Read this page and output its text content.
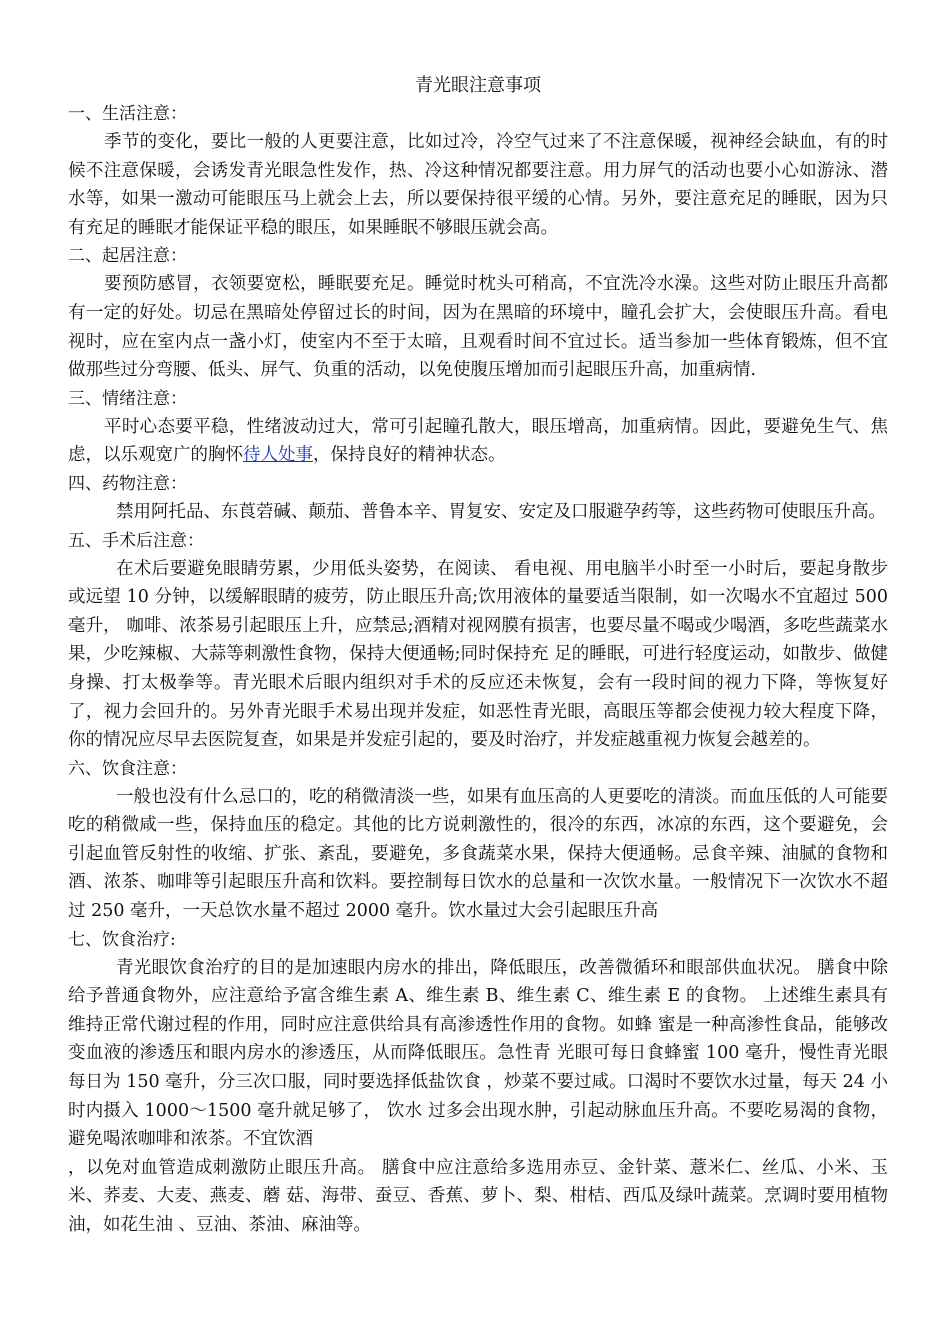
青光眼注意事项

一、生活注意：

季节的变化，要比一般的人更要注意，比如过冷，冷空气过来了不注意保暖，视神经会缺血，有的时候不注意保暖，会诱发青光眼急性发作，热、冷这种情况都要注意。用力屏气的活动也要小心如游泳、潜水等，如果一激动可能眼压马上就会上去，所以要保持很平缓的心情。另外，要注意充足的睡眠，因为只有充足的睡眠才能保证平稳的眼压，如果睡眠不够眼压就会高。

二、起居注意：

要预防感冒，衣领要宽松，睡眠要充足。睡觉时枕头可稍高，不宜洗冷水澡。这些对防止眼压升高都有一定的好处。切忌在黑暗处停留过长的时间，因为在黑暗的环境中，瞳孔会扩大，会使眼压升高。看电视时，应在室内点一盏小灯，使室内不至于太暗，且观看时间不宜过长。适当参加一些体育锻炼，但不宜做那些过分弯腰、低头、屏气、负重的活动，以免使腹压增加而引起眼压升高，加重病情.

三、情绪注意：

平时心态要平稳，性绪波动过大，常可引起瞳孔散大，眼压增高，加重病情。因此，要避免生气、焦虑，以乐观宽广的胸怀待人处事，保持良好的精神状态。

四、药物注意：

禁用阿托品、东莨菪碱、颠茄、普鲁本辛、胃复安、安定及口服避孕药等，这些药物可使眼压升高。

五、手术后注意：

在术后要避免眼睛劳累，少用低头姿势，在阅读、 看电视、用电脑半小时至一小时后，要起身散步或远望 10 分钟，以缓解眼睛的疲劳，防止眼压升高;饮用液体的量要适当限制，如一次喝水不宜超过 500 毫升， 咖啡、浓茶易引起眼压上升，应禁忌;酒精对视网膜有损害，也要尽量不喝或少喝酒，多吃些蔬菜水果，少吃辣椒、大蒜等刺激性食物，保持大便通畅;同时保持充 足的睡眠，可进行轻度运动，如散步、做健身操、打太极拳等。青光眼术后眼内组织对手术的反应还未恢复，会有一段时间的视力下降，等恢复好了，视力会回升的。另外青光眼手术易出现并发症，如恶性青光眼，高眼压等都会使视力较大程度下降，你的情况应尽早去医院复查，如果是并发症引起的，要及时治疗，并发症越重视力恢复会越差的。

六、饮食注意：

一般也没有什么忌口的，吃的稍微清淡一些，如果有血压高的人更要吃的清淡。而血压低的人可能要吃的稍微咸一些，保持血压的稳定。其他的比方说刺激性的，很冷的东西，冰凉的东西，这个要避免，会引起血管反射性的收缩、扩张、紊乱，要避免，多食蔬菜水果，保持大便通畅。忌食辛辣、油腻的食物和酒、浓茶、咖啡等引起眼压升高和饮料。要控制每日饮水的总量和一次饮水量。一般情况下一次饮水不超过 250 毫升，一天总饮水量不超过 2000 毫升。饮水量过大会引起眼压升高

七、饮食治疗:

青光眼饮食治疗的目的是加速眼内房水的排出，降低眼压，改善微循环和眼部供血状况。 膳食中除给予普通食物外，应注意给予富含维生素 A、维生素 B、维生素 C、维生素 E 的食物。 上述维生素具有维持正常代谢过程的作用，同时应注意供给具有高渗透性作用的食物。如蜂 蜜是一种高渗性食品，能够改变血液的渗透压和眼内房水的渗透压，从而降低眼压。急性青 光眼可每日食蜂蜜 100 毫升，慢性青光眼每日为 150 毫升，分三次口服，同时要选择低盐饮食 ，炒菜不要过咸。口渴时不要饮水过量，每天 24 小时内摄入 1000～1500 毫升就足够了， 饮水 过多会出现水肿，引起动脉血压升高。不要吃易渴的食物，避免喝浓咖啡和浓茶。不宜饮酒

，以免对血管造成刺激防止眼压升高。 膳食中应注意给多选用赤豆、金针菜、薏米仁、丝瓜、小米、玉米、荞麦、大麦、燕麦、蘑 菇、海带、蚕豆、香蕉、萝卜、梨、柑桔、西瓜及绿叶蔬菜。烹调时要用植物油，如花生油 、豆油、茶油、麻油等。
